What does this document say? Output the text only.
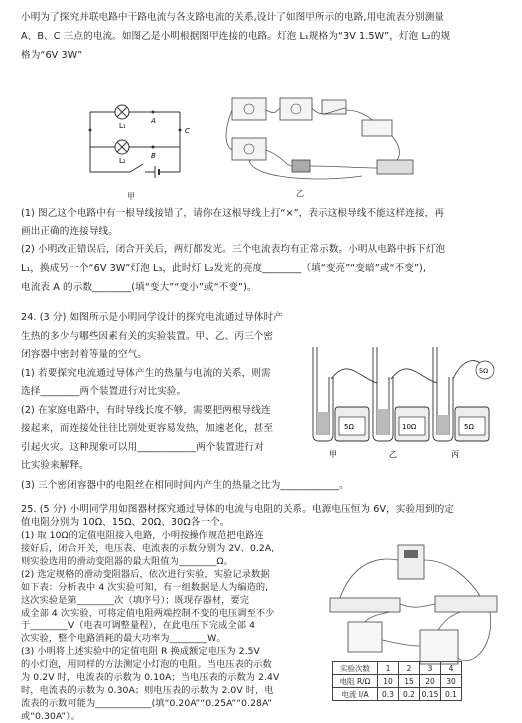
小明为了探究并联电路中干路电流与各支路电流的关系,设计了如图甲所示的电路,用电流表分别测量
A、B、C 三点的电流。如图乙是小明根据图甲连接的电路。灯泡 L₁规格为“3V 1.5W”，灯泡 L₂的规
格为“6V 3W”
L₁
L₂
A
B
C
甲	乙
(1) 图乙这个电路中有一根导线接错了，请你在这根导线上打“×”，表示这根导线不能这样连接，再
画出正确的连接导线。
(2) 小明改正错误后，闭合开关后，两灯都发光。三个电流表均有正常示数。小明从电路中拆下灯泡
L₁，换成另一个“6V 3W”灯泡 L₃，此时灯 L₂发光的亮度________（填“变亮”“变暗”或“不变”),
电流表 A 的示数________(填“变大”“变小”或“不变”)。
24. (3 分) 如图所示是小明同学设计的探究电流通过导体时产
生热的多少与哪些因素有关的实验装置。甲、乙、丙三个密
闭容器中密封着等量的空气。
(1) 若要探究电流通过导体产生的热量与电流的关系，则需
选择________两个装置进行对比实验。
(2) 在家庭电路中，有时导线长度不够，需要把两根导线连
接起来，而连接处往往比别处更容易发热，加速老化，甚至
引起火灾。这种现象可以用____________两个装置进行对
比实验来解释。
(3) 三个密闭容器中的电阻丝在相同时间内产生的热量之比为____________。
5Ω	10Ω	5Ω
5Ω
甲	乙	丙
25. (5 分) 小明同学用如图器材探究通过导体的电流与电阻的关系。电源电压恒为 6V，实验用到的定
值电阻分别为 10Ω、15Ω、20Ω、30Ω各一个。
(1) 取 10Ω的定值电阻接入电路，小明按操作规范把电路连
接好后，闭合开关，电压表、电流表的示数分别为 2V、0.2A,
则实验选用的滑动变阻器的最大阻值为________Ω。
(2) 选定规格的滑动变阻器后，依次进行实验，实验记录数据
如下表：分析表中 4 次实验可知，有一组数据是人为编造的,
这次实验是第________次（填序号）；既现存器材，要完
成全部 4 次实验，可将定值电阻两端控制不变的电压调至不少
于________V（电表可调整量程），在此电压下完成全部 4
次实验，整个电路消耗的最大功率为________W。
(3) 小明将上述实验中的定值电阻 R 换成额定电压为 2.5V
的小灯泡，用同样的方法测定小灯泡的电阻。当电压表的示数
为 0.2V 时，电流表的示数为 0.10A；当电压表的示数为 2.4V
时，电流表的示数为 0.30A；则电压表的示数为 2.0V 时，电
流表的示数可能为____________(填“0.20A”“0.25A”“0.28A”
或“0.30A”）。
实验次数	1	2	3	4
电阻 R/Ω	10	15	20	30
电流 I/A	0.3	0.2	0.15	0.1
